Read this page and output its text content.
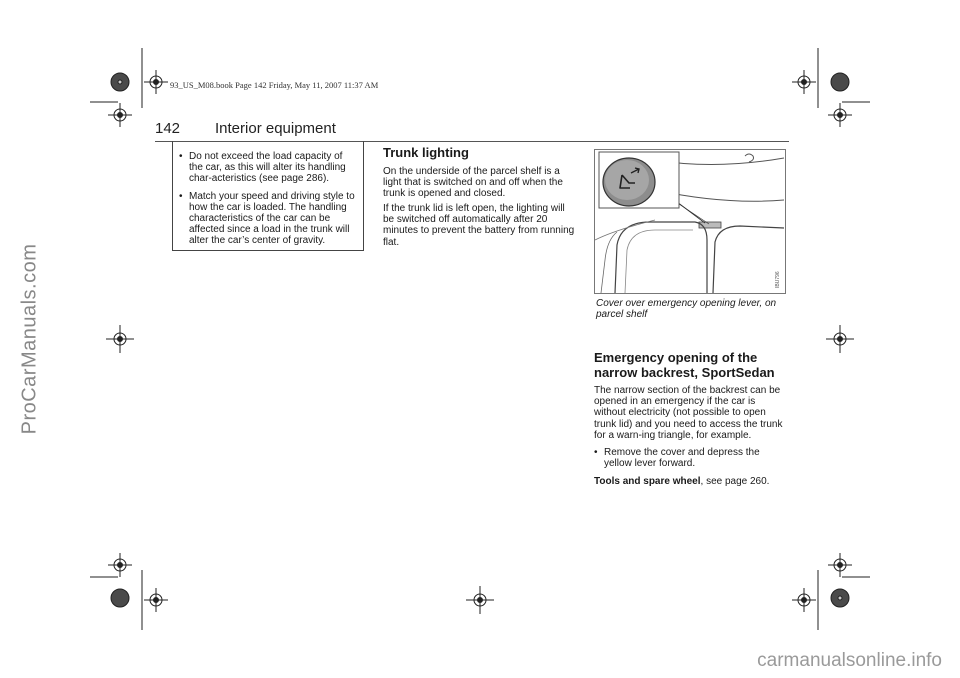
93_US_M08.book Page 142 Friday, May 11, 2007 11:37 AM
142 Interior equipment
• Do not exceed the load capacity of the car, as this will alter its handling char-acteristics (see page 286).
• Match your speed and driving style to how the car is loaded. The handling characteristics of the car can be affected since a load in the trunk will alter the car’s center of gravity.
Trunk lighting
On the underside of the parcel shelf is a light that is switched on and off when the trunk is opened and closed.
If the trunk lid is left open, the lighting will be switched off automatically after 20 minutes to prevent the battery from running flat.
IBU796
Cover over emergency opening lever, on parcel shelf
Emergency opening of the narrow backrest, SportSedan
The narrow section of the backrest can be opened in an emergency if the car is without electricity (not possible to open trunk lid) and you need to access the trunk for a warn-ing triangle, for example.
• Remove the cover and depress the yellow lever forward.
Tools and spare wheel, see page 260.
ProCarManuals.com
carmanualsonline.info
